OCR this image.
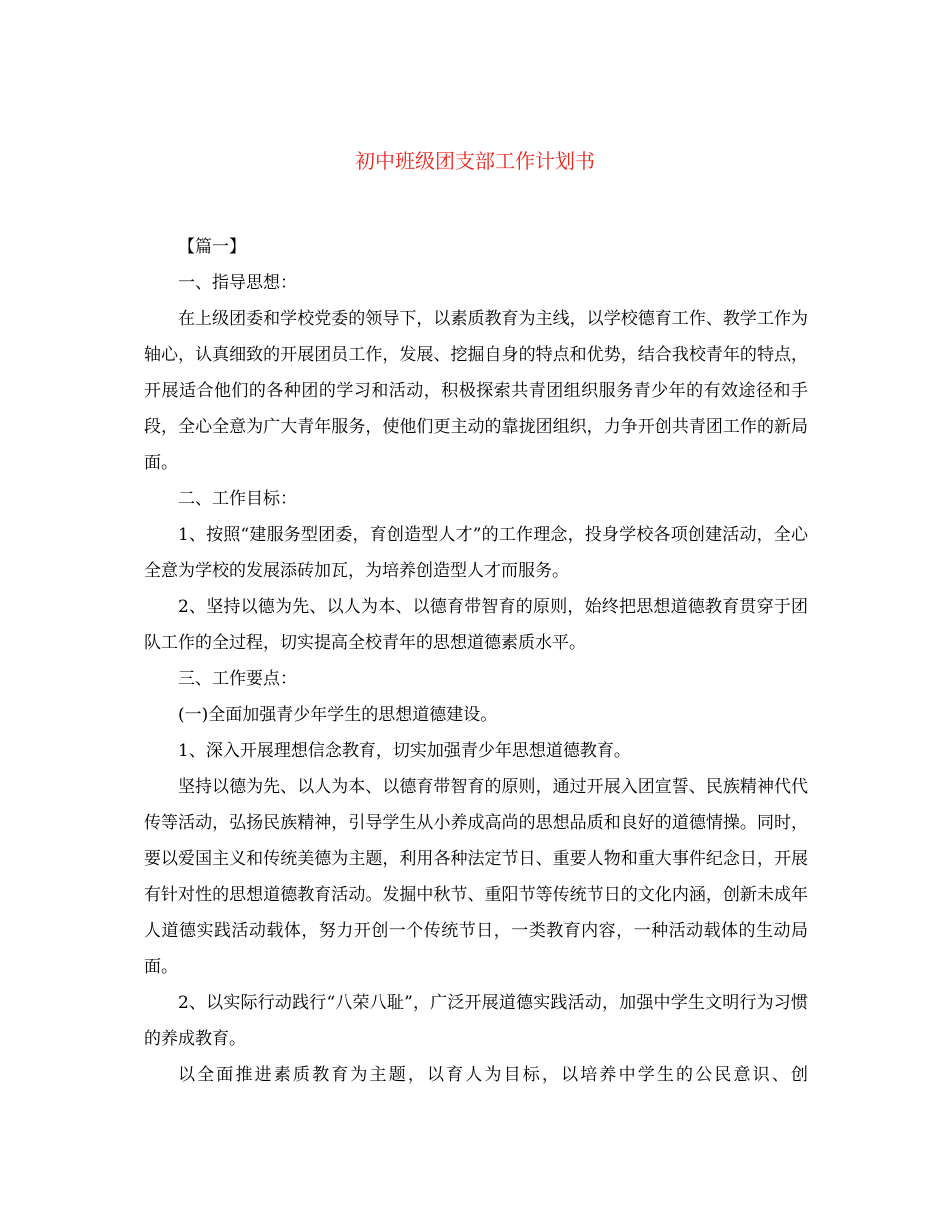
初中班级团支部工作计划书

【篇一】

一、指导思想：

在上级团委和学校党委的领导下，以素质教育为主线，以学校德育工作、教学工作为轴心，认真细致的开展团员工作，发展、挖掘自身的特点和优势，结合我校青年的特点，开展适合他们的各种团的学习和活动，积极探索共青团组织服务青少年的有效途径和手段，全心全意为广大青年服务，使他们更主动的靠拢团组织，力争开创共青团工作的新局面。

二、工作目标：

1、按照“建服务型团委，育创造型人才”的工作理念，投身学校各项创建活动，全心全意为学校的发展添砖加瓦，为培养创造型人才而服务。

2、坚持以德为先、以人为本、以德育带智育的原则，始终把思想道德教育贯穿于团队工作的全过程，切实提高全校青年的思想道德素质水平。

三、工作要点：

(一)全面加强青少年学生的思想道德建设。

1、深入开展理想信念教育，切实加强青少年思想道德教育。

坚持以德为先、以人为本、以德育带智育的原则，通过开展入团宣誓、民族精神代代传等活动，弘扬民族精神，引导学生从小养成高尚的思想品质和良好的道德情操。同时，要以爱国主义和传统美德为主题，利用各种法定节日、重要人物和重大事件纪念日，开展有针对性的思想道德教育活动。发掘中秋节、重阳节等传统节日的文化内涵，创新未成年人道德实践活动载体，努力开创一个传统节日，一类教育内容，一种活动载体的生动局面。

2、以实际行动践行“八荣八耻”，广泛开展道德实践活动，加强中学生文明行为习惯的养成教育。

以全面推进素质教育为主题，以育人为目标，以培养中学生的公民意识、创
